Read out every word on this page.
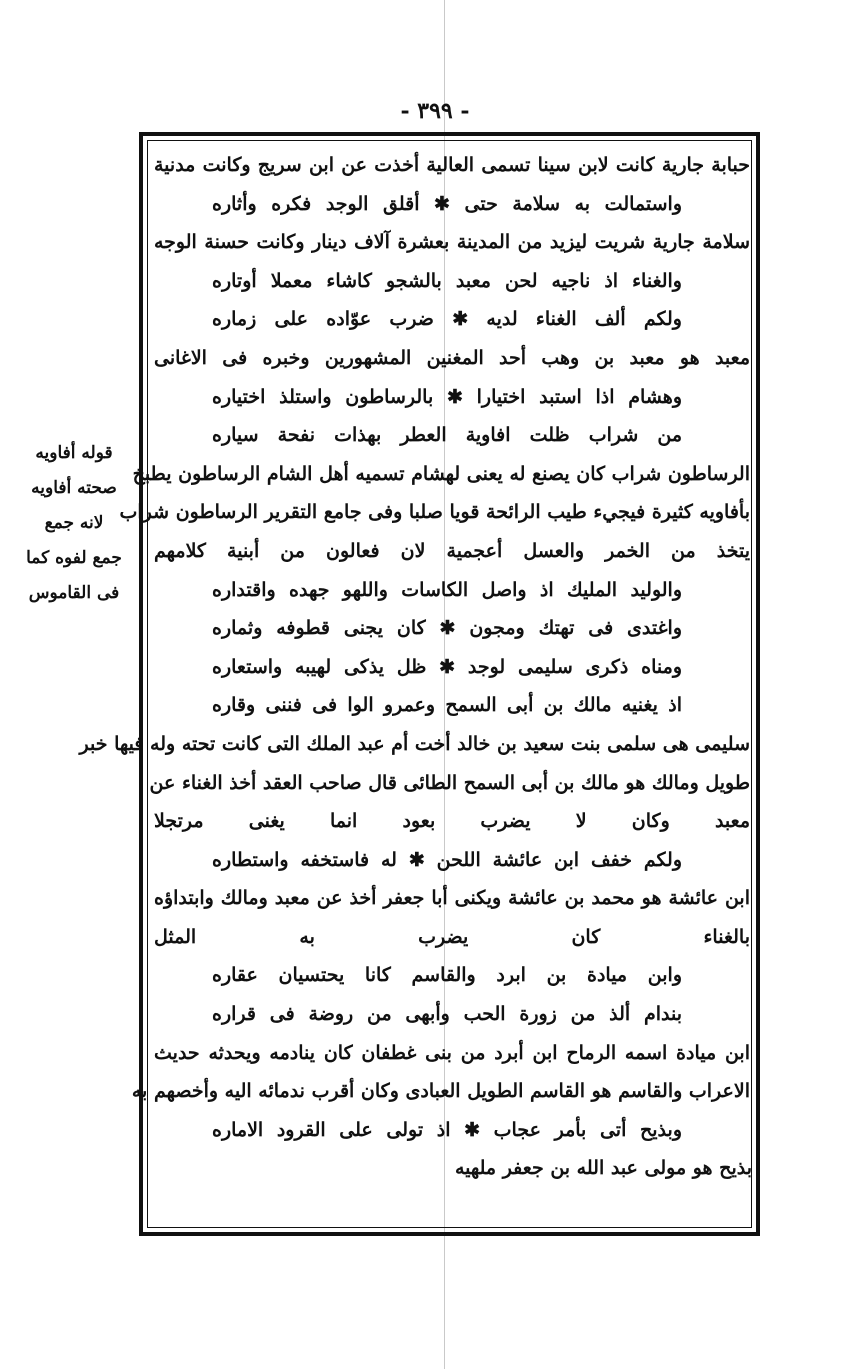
- ٣٩٩ -
قوله أفاويه
صحته أفاويه
لانه جمع
جمع لفوه كما
فى القاموس
حبابة جارية كانت لابن سينا تسمى العالية أخذت عن ابن سريج وكانت مدنية
واستمالت به سلامة حتى ✱ أقلق الوجد فكره وأثاره
سلامة جارية شريت ليزيد من المدينة بعشرة آلاف دينار وكانت حسنة الوجه
والغناء اذ ناجيه لحن معبد بالشجو كاشاء معملا أوتاره
ولكم ألف الغناء لديه ✱ ضرب عوّاده على زماره
معبد هو معبد بن وهب أحد المغنين المشهورين وخبره فى الاغانى
وهشام اذا استبد اختيارا ✱ بالرساطون واستلذ اختياره
من شراب ظلت افاوية العطر بهذات نفحة سياره
الرساطون شراب كان يصنع له يعنى لهشام تسميه أهل الشام الرساطون يطبخ
بأفاويه كثيرة فيجيء طيب الرائحة قويا صلبا وفى جامع التقرير الرساطون شراب
يتخذ من الخمر والعسل أعجمية لان فعالون من أبنية كلامهم
والوليد المليك اذ واصل الكاسات واللهو جهده واقتداره
واغتدى فى تهتك ومجون ✱ كان يجنى قطوفه وثماره
ومناه ذكرى سليمى لوجد ✱ ظل يذكى لهيبه واستعاره
اذ يغنيه مالك بن أبى السمح وعمرو الوا فى فننى وقاره
سليمى هى سلمى بنت سعيد بن خالد أخت أم عبد الملك التى كانت تحته وله فيها خبر
طويل ومالك هو مالك بن أبى السمح الطائى قال صاحب العقد أخذ الغناء عن
معبد وكان لا يضرب بعود انما يغنى مرتجلا
ولكم خفف ابن عائشة اللحن ✱ له فاستخفه واستطاره
ابن عائشة هو محمد بن عائشة ويكنى أبا جعفر أخذ عن معبد ومالك وابتداؤه
بالغناء كان يضرب به المثل
وابن ميادة بن ابرد والقاسم كانا يحتسيان عقاره
بندام ألذ من زورة الحب وأبهى من روضة فى قراره
ابن ميادة اسمه الرماح ابن أبرد من بنى غطفان كان ينادمه ويحدثه حديث
الاعراب والقاسم هو القاسم الطويل العبادى وكان أقرب ندمائه اليه وأخصهم به
وبذيح أتى بأمر عجاب ✱ اذ تولى على القرود الاماره
بذيح هو مولى عبد الله بن جعفر ملهيه
